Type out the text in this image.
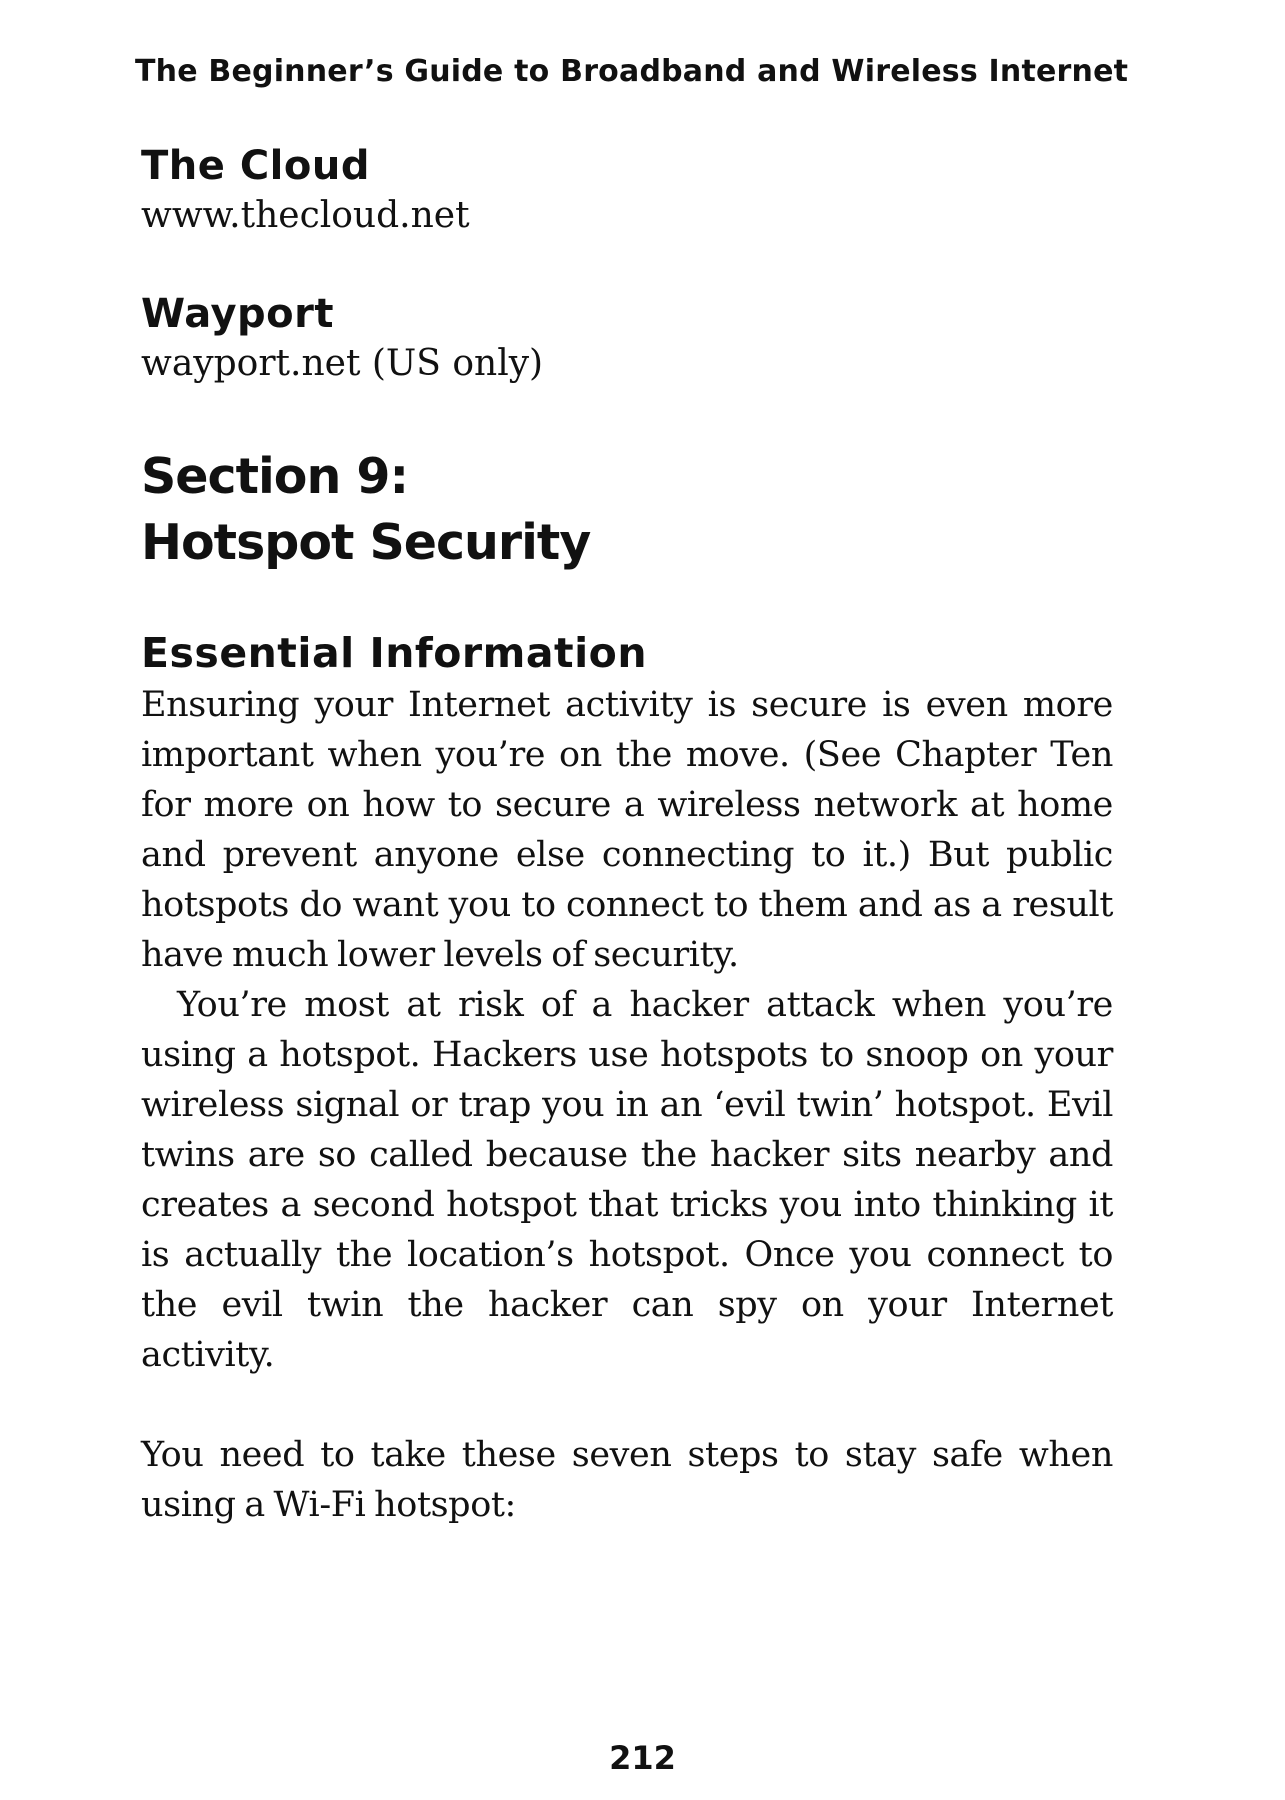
The Beginner’s Guide to Broadband and Wireless Internet
The Cloud

www.thecloud.net

Wayport

wayport.net (US only)

Section 9:
Hotspot Security
Essential Information

Ensuring your Internet activity is secure is even more important when you’re on the move. (See Chapter Ten for more on how to secure a wireless network at home and prevent anyone else connecting to it.) But public hotspots do want you to connect to them and as a result have much lower levels of security.

You’re most at risk of a hacker attack when you’re using a hotspot. Hackers use hotspots to snoop on your wireless signal or trap you in an ‘evil twin’ hotspot. Evil twins are so called because the hacker sits nearby and creates a second hotspot that tricks you into thinking it is actually the location’s hotspot. Once you connect to the evil twin the hacker can spy on your Internet activity.

You need to take these seven steps to stay safe when using a Wi-Fi hotspot:

212
